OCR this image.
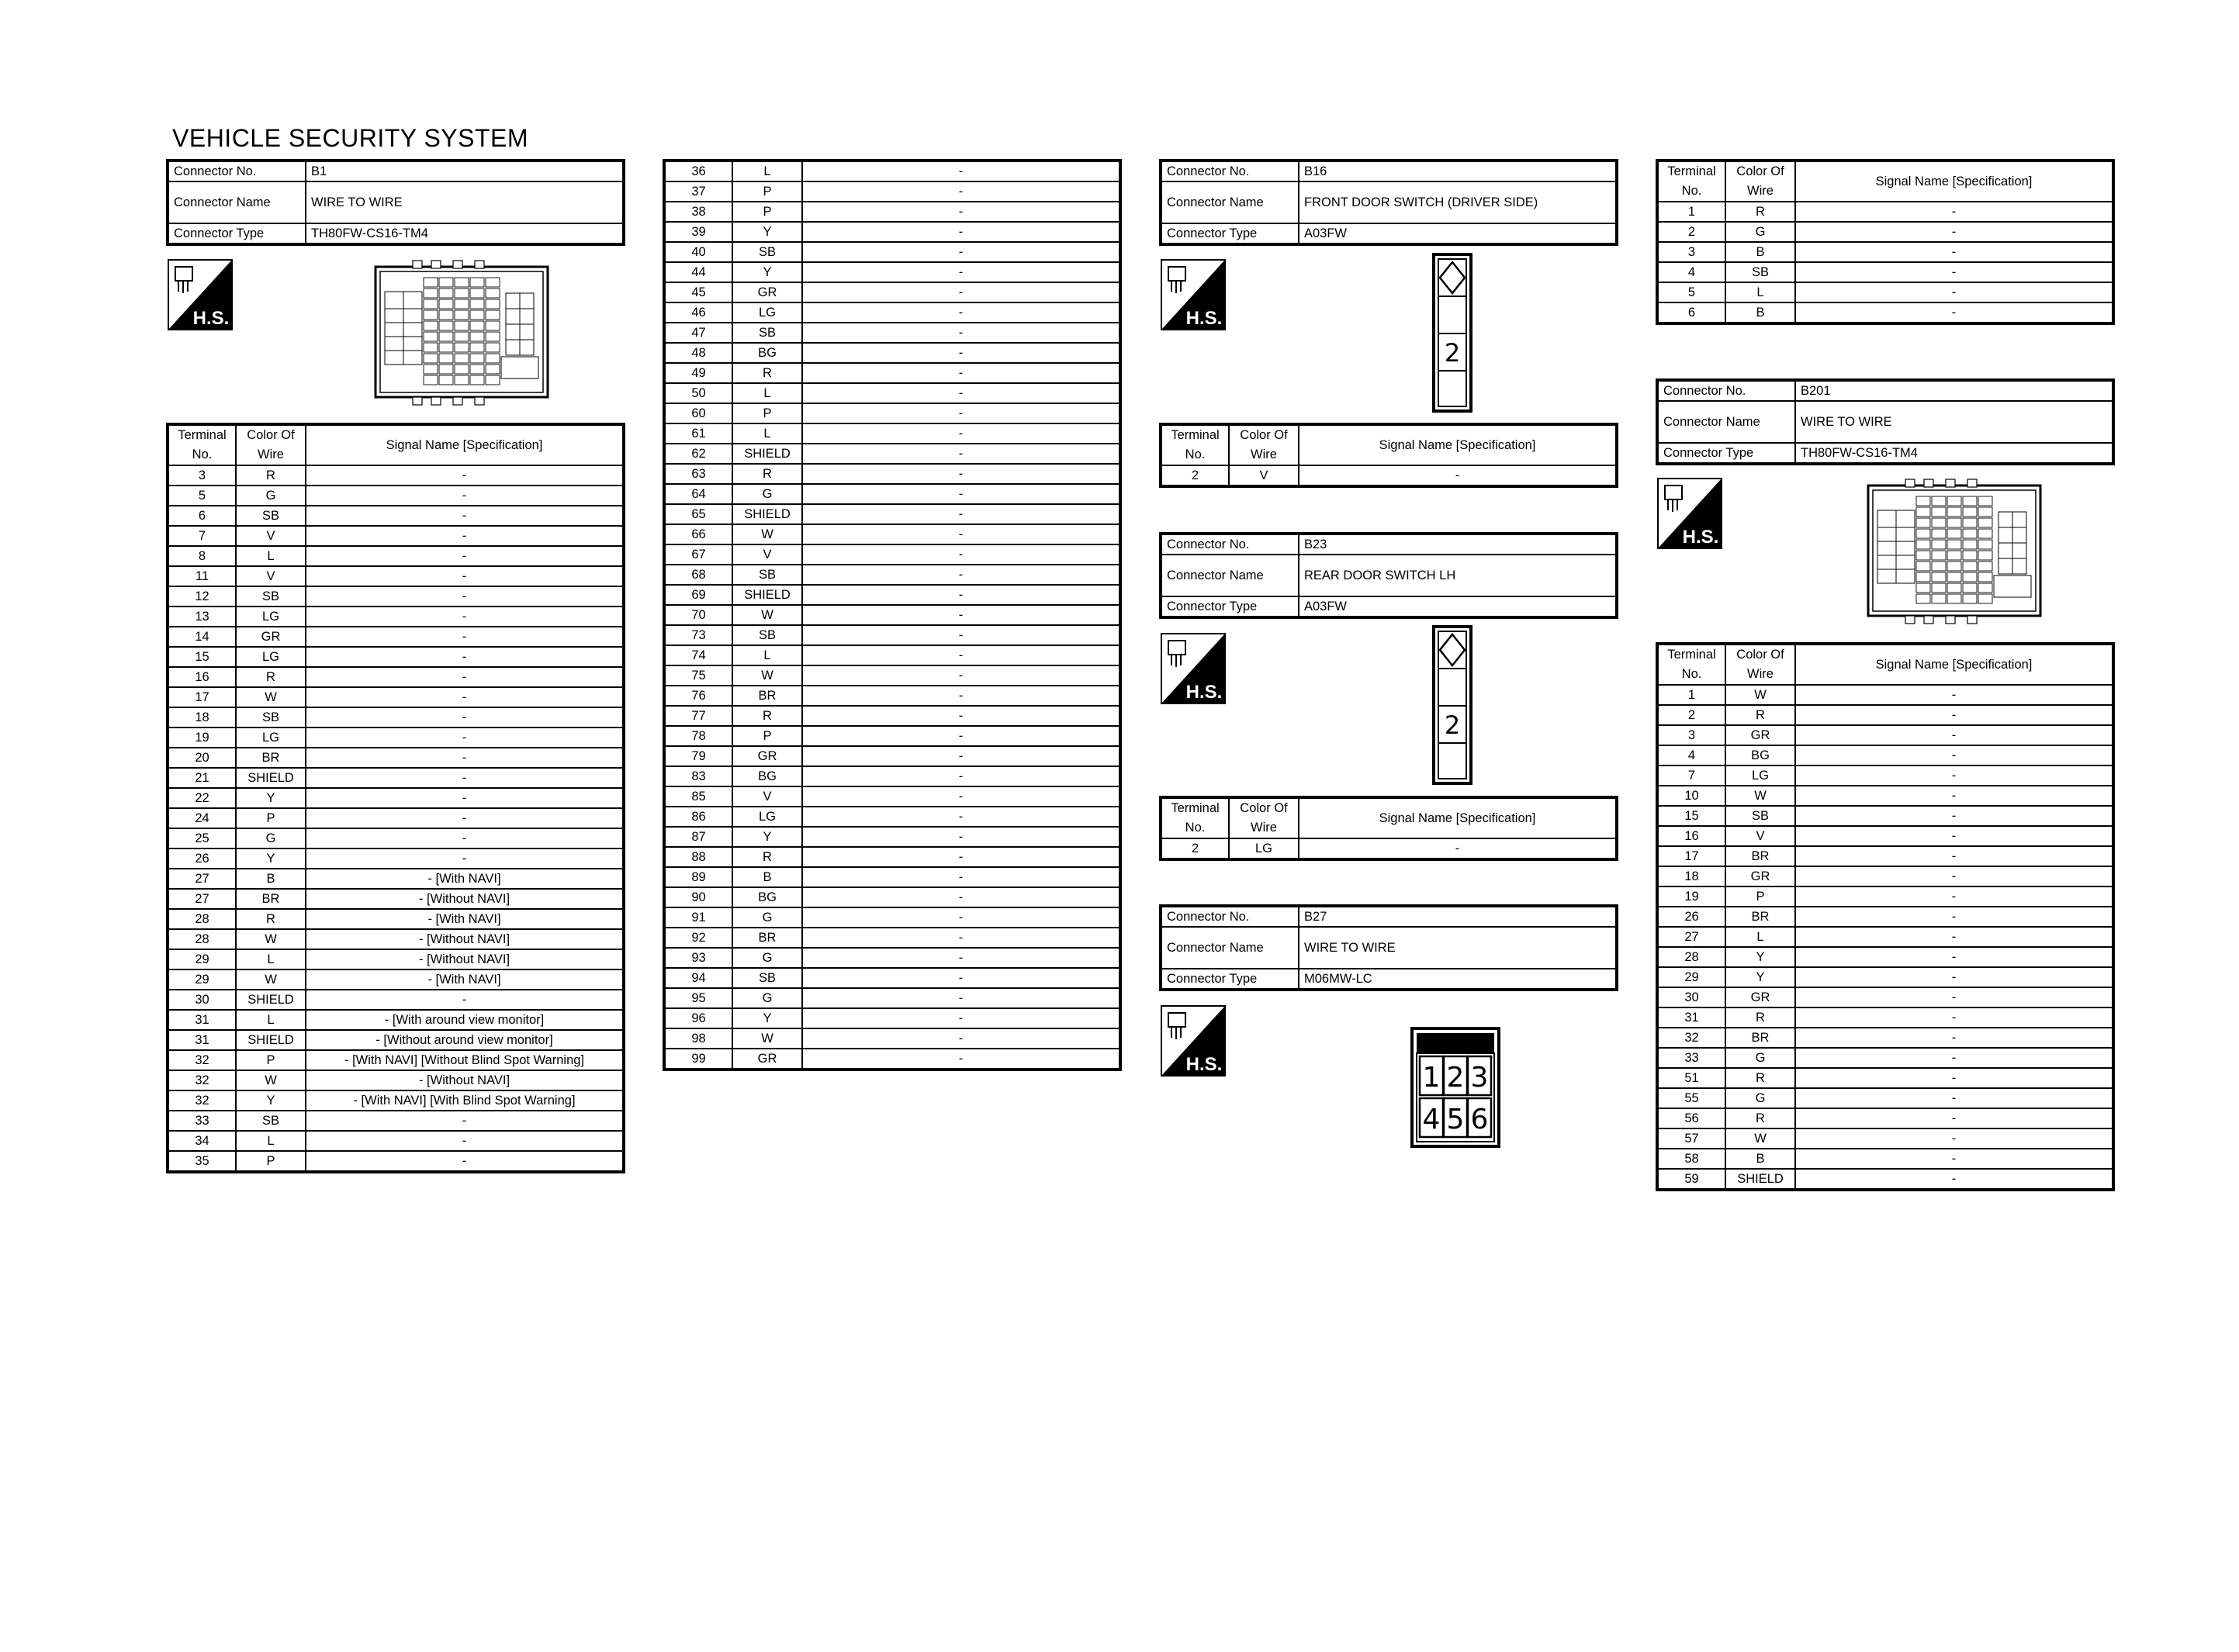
VEHICLE SECURITY SYSTEM
Connector No.	B1
Connector Name	WIRE TO WIRE
Connector Type	TH80FW-CS16-TM4
H.S.	H.S.
H.S.
H.S.
H.S.
Terminal
No.	Color Of
Wire	Signal Name [Specification]
3	R	-
5	G	-
6	SB	-
7	V	-
8	L	-
11	V	-
12	SB	-
13	LG	-
14	GR	-
15	LG	-
16	R	-
17	W	-
18	SB	-
19	LG	-
20	BR	-
21	SHIELD	-
22	Y	-
24	P	-
25	G	-
26	Y	-
27	B	- [With NAVI]
27	BR	- [Without NAVI]
28	R	- [With NAVI]
28	W	- [Without NAVI]
29	L	- [Without NAVI]
29	W	- [With NAVI]
30	SHIELD	-
31	L	- [With around view monitor]
31	SHIELD	- [Without around view monitor]
32	P	- [With NAVI] [Without Blind Spot Warning]
32	W	- [Without NAVI]
32	Y	- [With NAVI] [With Blind Spot Warning]
33	SB	-
34	L	-
35	P	-
36	L	-
37	P	-
38	P	-
39	Y	-
40	SB	-
44	Y	-
45	GR	-
46	LG	-
47	SB	-
48	BG	-
49	R	-
50	L	-
60	P	-
61	L	-
62	SHIELD	-
63	R	-
64	G	-
65	SHIELD	-
66	W	-
67	V	-
68	SB	-
69	SHIELD	-
70	W	-
73	SB	-
74	L	-
75	W	-
76	BR	-
77	R	-
78	P	-
79	GR	-
83	BG	-
85	V	-
86	LG	-
87	Y	-
88	R	-
89	B	-
90	BG	-
91	G	-
92	BR	-
93	G	-
94	SB	-
95	G	-
96	Y	-
98	W	-
99	GR	-
Connector No.	B16
Connector Name	FRONT DOOR SWITCH (DRIVER SIDE)
Connector Type	A03FW
2
Terminal
No.	Color Of
Wire	Signal Name [Specification]
2	V	-
Connector No.	B23
Connector Name	REAR DOOR SWITCH LH
Connector Type	A03FW
2
Terminal
No.	Color Of
Wire	Signal Name [Specification]
2	LG	-
Connector No.	B27
Connector Name	WIRE TO WIRE
Connector Type	M06MW-LC
1 2 3
4 5 6
Terminal
No.	Color Of
Wire	Signal Name [Specification]
1	R	-
2	G	-
3	B	-
4	SB	-
5	L	-
6	B	-
Connector No.	B201
Connector Name	WIRE TO WIRE
Connector Type	TH80FW-CS16-TM4
Terminal
No.	Color Of
Wire	Signal Name [Specification]
1	W	-
2	R	-
3	GR	-
4	BG	-
7	LG	-
10	W	-
15	SB	-
16	V	-
17	BR	-
18	GR	-
19	P	-
26	BR	-
27	L	-
28	Y	-
29	Y	-
30	GR	-
31	R	-
32	BR	-
33	G	-
51	R	-
55	G	-
56	R	-
57	W	-
58	B	-
59	SHIELD	-
